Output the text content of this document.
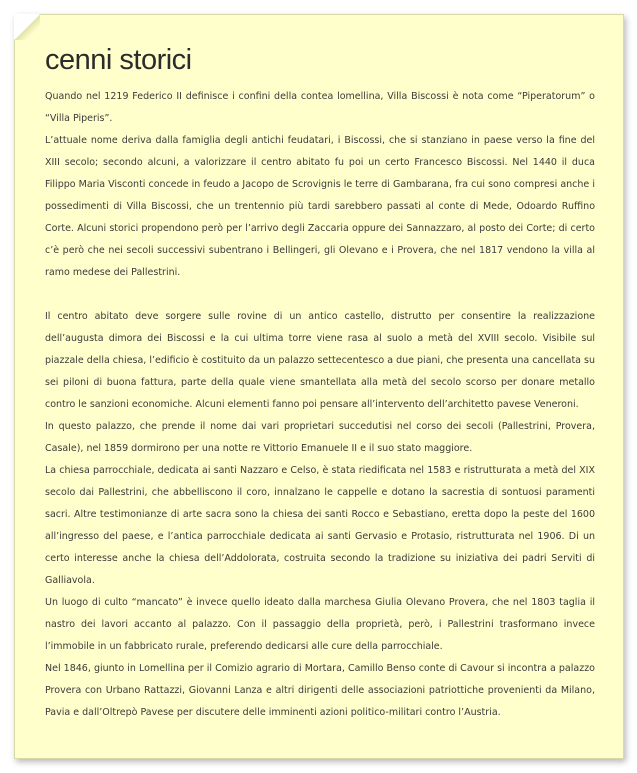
cenni storici

Quando nel 1219 Federico II definisce i confini della contea lomellina, Villa Biscossi è nota come “Piperatorum” o “Villa Piperis”.

L’attuale nome deriva dalla famiglia degli antichi feudatari, i Biscossi, che si stanziano in paese verso la fine del XIII secolo; secondo alcuni, a valorizzare il centro abitato fu poi un certo Francesco Biscossi. Nel 1440 il duca Filippo Maria Visconti concede in feudo a Jacopo de Scrovignis le terre di Gambarana, fra cui sono compresi anche i possedimenti di Villa Biscossi, che un trentennio più tardi sarebbero passati al conte di Mede, Odoardo Ruffino Corte. Alcuni storici propendono però per l’arrivo degli Zaccaria oppure dei Sannazzaro, al posto dei Corte; di certo c’è però che nei secoli successivi subentrano i Bellingeri, gli Olevano e i Provera, che nel 1817 vendono la villa al ramo medese dei Pallestrini.

Il centro abitato deve sorgere sulle rovine di un antico castello, distrutto per consentire la realizzazione dell’augusta dimora dei Biscossi e la cui ultima torre viene rasa al suolo a metà del XVIII secolo. Visibile sul piazzale della chiesa, l’edificio è costituito da un palazzo settecentesco a due piani, che presenta una cancellata su sei piloni di buona fattura, parte della quale viene smantellata alla metà del secolo scorso per donare metallo contro le sanzioni economiche. Alcuni elementi fanno poi pensare all’intervento dell’architetto pavese Veneroni.

In questo palazzo, che prende il nome dai vari proprietari succedutisi nel corso dei secoli (Pallestrini, Provera, Casale), nel 1859 dormirono per una notte re Vittorio Emanuele II e il suo stato maggiore.

La chiesa parrocchiale, dedicata ai santi Nazzaro e Celso, è stata riedificata nel 1583 e ristrutturata a metà del XIX secolo dai Pallestrini, che abbelliscono il coro, innalzano le cappelle e dotano la sacrestia di sontuosi paramenti sacri. Altre testimonianze di arte sacra sono la chiesa dei santi Rocco e Sebastiano, eretta dopo la peste del 1600 all’ingresso del paese, e l’antica parrocchiale dedicata ai santi Gervasio e Protasio, ristrutturata nel 1906. Di un certo interesse anche la chiesa dell’Addolorata, costruita secondo la tradizione su iniziativa dei padri Serviti di Galliavola.

Un luogo di culto “mancato” è invece quello ideato dalla marchesa Giulia Olevano Provera, che nel 1803 taglia il nastro dei lavori accanto al palazzo. Con il passaggio della proprietà, però, i Pallestrini trasformano invece l’immobile in un fabbricato rurale, preferendo dedicarsi alle cure della parrocchiale.

Nel 1846, giunto in Lomellina per il Comizio agrario di Mortara, Camillo Benso conte di Cavour si incontra a palazzo Provera con Urbano Rattazzi, Giovanni Lanza e altri dirigenti delle associazioni patriottiche provenienti da Milano, Pavia e dall’Oltrepò Pavese per discutere delle imminenti azioni politico-militari contro l’Austria.
